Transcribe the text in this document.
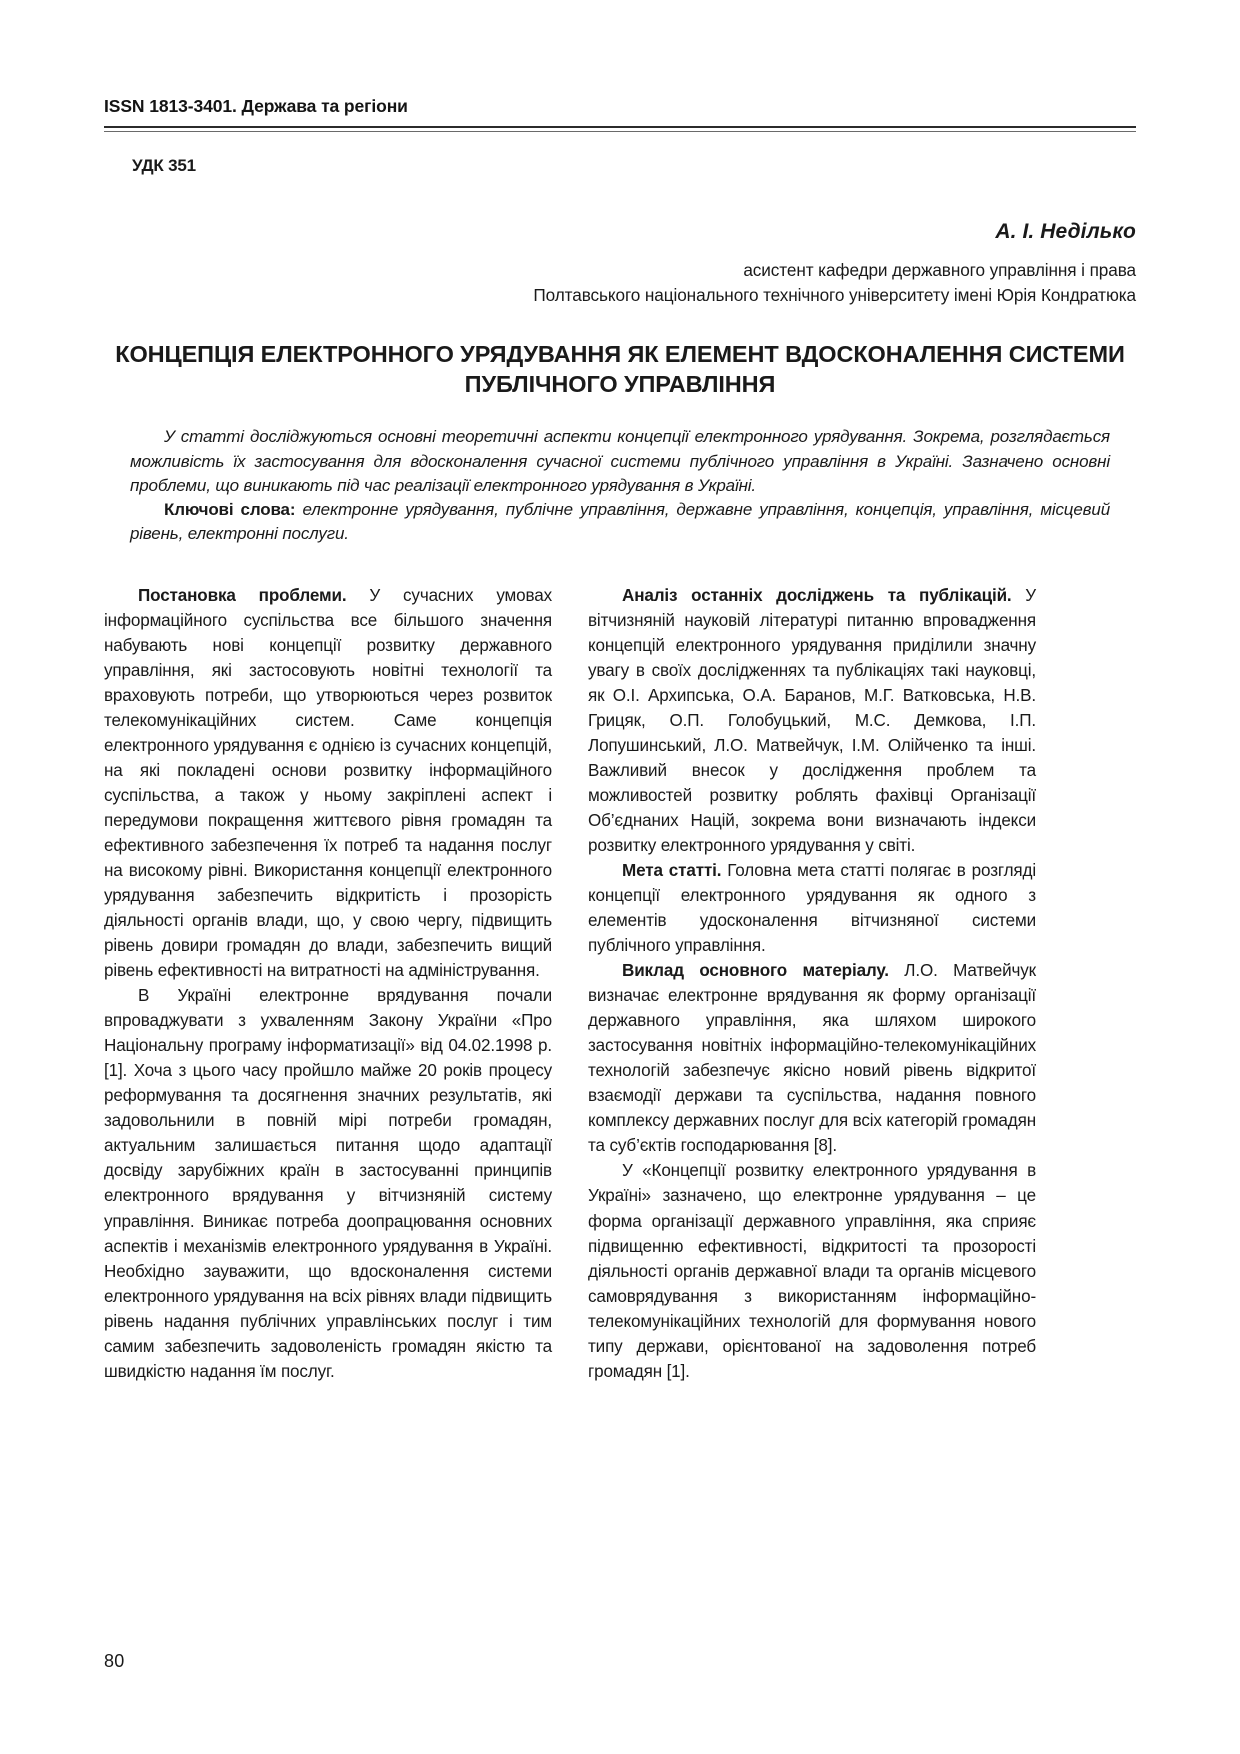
ISSN 1813-3401. Держава та регіони
УДК 351
А. І. Неділько
асистент кафедри державного управління і права
Полтавського національного технічного університету імені Юрія Кондратюка
КОНЦЕПЦІЯ ЕЛЕКТРОННОГО УРЯДУВАННЯ ЯК ЕЛЕМЕНТ ВДОСКОНАЛЕННЯ СИСТЕМИ ПУБЛІЧНОГО УПРАВЛІННЯ

У статті досліджуються основні теоретичні аспекти концепції електронного урядування. Зокрема, розглядається можливість їх застосування для вдосконалення сучасної системи публічного управління в Україні. Зазначено основні проблеми, що виникають під час реалізації електронного урядування в Україні.

Ключові слова: електронне урядування, публічне управління, державне управління, концепція, управління, місцевий рівень, електронні послуги.

Постановка проблеми. У сучасних умовах інформаційного суспільства все більшого значення набувають нові концепції розвитку державного управління, які застосовують новітні технології та враховують потреби, що утворюються через розвиток телекомунікаційних систем. Саме концепція електронного урядування є однією із сучасних концепцій, на які покладені основи розвитку інформаційного суспільства, а також у ньому закріплені аспект і передумови покращення життєвого рівня громадян та ефективного забезпечення їх потреб та надання послуг на високому рівні. Використання концепції електронного урядування забезпечить відкритість і прозорість діяльності органів влади, що, у свою чергу, підвищить рівень довири громадян до влади, забезпечить вищий рівень ефективності на витратності на адміністрування.

В Україні електронне врядування почали впроваджувати з ухваленням Закону України «Про Національну програму інформатизації» від 04.02.1998 р. [1]. Хоча з цього часу пройшло майже 20 років процесу реформування та досягнення значних результатів, які задовольнили в повній мірі потреби громадян, актуальним залишається питання щодо адаптації досвіду зарубіжних країн в застосуванні принципів електронного врядування у вітчизняній систему управління. Виникає потреба доопрацювання основних аспектів і механізмів електронного урядування в Україні. Необхідно зауважити, що вдосконалення системи електронного урядування на всіх рівнях влади підвищить рівень надання публічних управлінських послуг і тим самим забезпечить задоволеність громадян якістю та швидкістю надання їм послуг.

Аналіз останніх досліджень та публікацій. У вітчизняній науковій літературі питанню впровадження концепцій електронного урядування приділили значну увагу в своїх дослідженнях та публікаціях такі науковці, як О.І. Архипська, О.А. Баранов, М.Г. Ватковська, Н.В. Грицяк, О.П. Голобуцький, М.С. Демкова, І.П. Лопушинський, Л.О. Матвейчук, І.М. Олійченко та інші. Важливий внесок у дослідження проблем та можливостей розвитку роблять фахівці Організації Об’єднаних Націй, зокрема вони визначають індекси розвитку електронного урядування у світі.

Мета статті. Головна мета статті полягає в розгляді концепції електронного урядування як одного з елементів удосконалення вітчизняної системи публічного управління.

Виклад основного матеріалу. Л.О. Матвейчук визначає електронне врядування як форму організації державного управління, яка шляхом широкого застосування новітніх інформаційно-телекомунікаційних технологій забезпечує якісно новий рівень відкритої взаємодії держави та суспільства, надання повного комплексу державних послуг для всіх категорій громадян та суб’єктів господарювання [8].

У «Концепції розвитку електронного урядування в Україні» зазначено, що електронне урядування – це форма організації державного управління, яка сприяє підвищенню ефективності, відкритості та прозорості діяльності органів державної влади та органів місцевого самоврядування з використанням інформаційно-телекомунікаційних технологій для формування нового типу держави, орієнтованої на задоволення потреб громадян [1].

80
